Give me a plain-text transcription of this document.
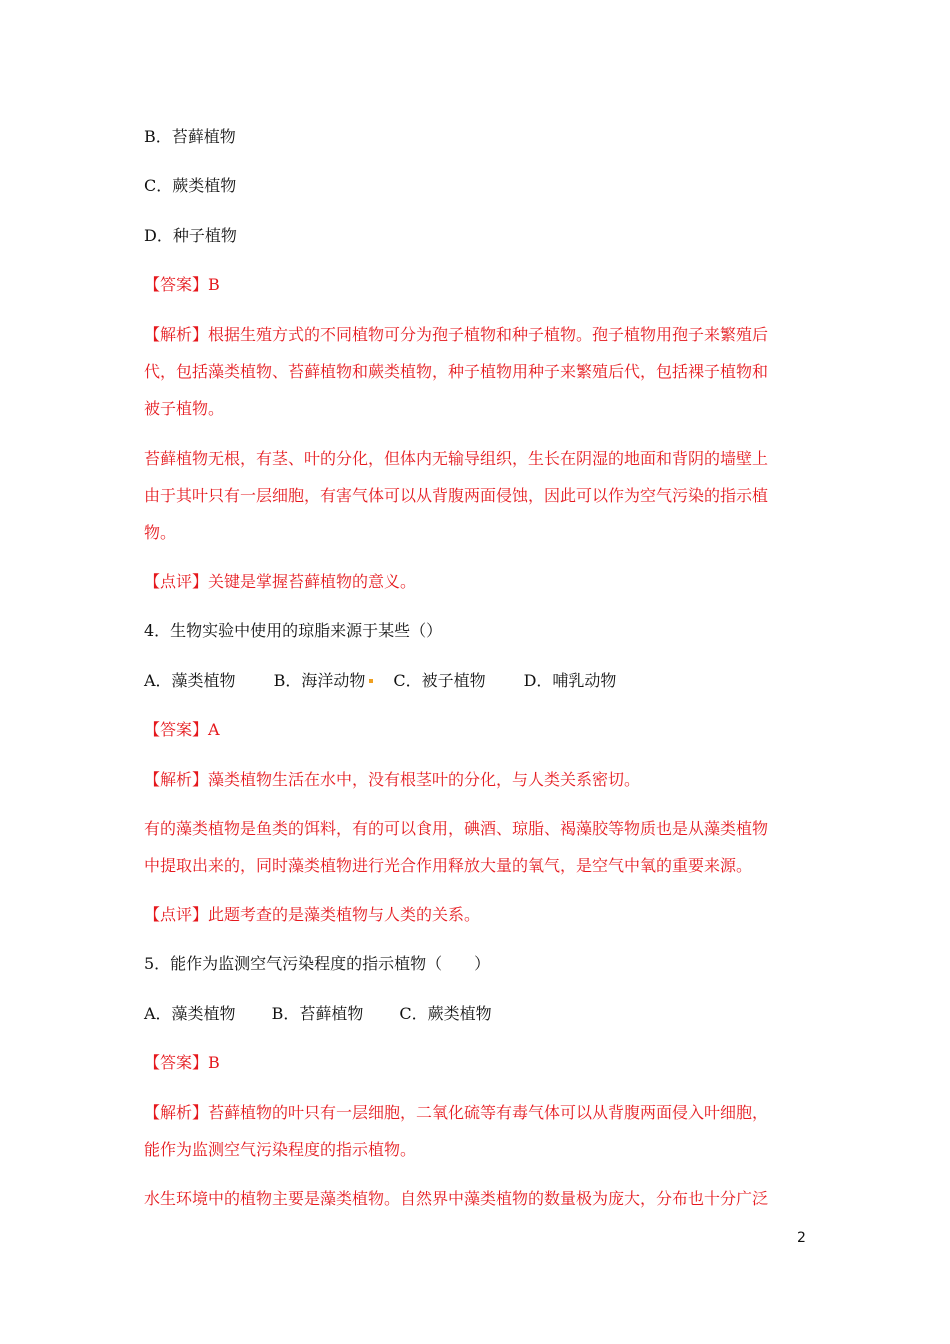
B．苔藓植物
C．蕨类植物
D．种子植物
【答案】B
【解析】根据生殖方式的不同植物可分为孢子植物和种子植物。孢子植物用孢子来繁殖后
代，包括藻类植物、苔藓植物和蕨类植物，种子植物用种子来繁殖后代，包括裸子植物和
被子植物。
苔藓植物无根，有茎、叶的分化，但体内无输导组织，生长在阴湿的地面和背阴的墙壁上
由于其叶只有一层细胞，有害气体可以从背腹两面侵蚀，因此可以作为空气污染的指示植
物。
【点评】关键是掌握苔藓植物的意义。
4．生物实验中使用的琼脂来源于某些（）
A．藻类植物 B．海洋动物 C．被子植物 D．哺乳动物
【答案】A
【解析】藻类植物生活在水中，没有根茎叶的分化，与人类关系密切。
有的藻类植物是鱼类的饵料，有的可以食用，碘酒、琼脂、褐藻胶等物质也是从藻类植物
中提取出来的，同时藻类植物进行光合作用释放大量的氧气，是空气中氧的重要来源。
【点评】此题考查的是藻类植物与人类的关系。
5．能作为监测空气污染程度的指示植物（　　）
A．藻类植物 B．苔藓植物 C．蕨类植物
【答案】B
【解析】苔藓植物的叶只有一层细胞，二氧化硫等有毒气体可以从背腹两面侵入叶细胞，
能作为监测空气污染程度的指示植物。
水生环境中的植物主要是藻类植物。自然界中藻类植物的数量极为庞大，分布也十分广泛
2
